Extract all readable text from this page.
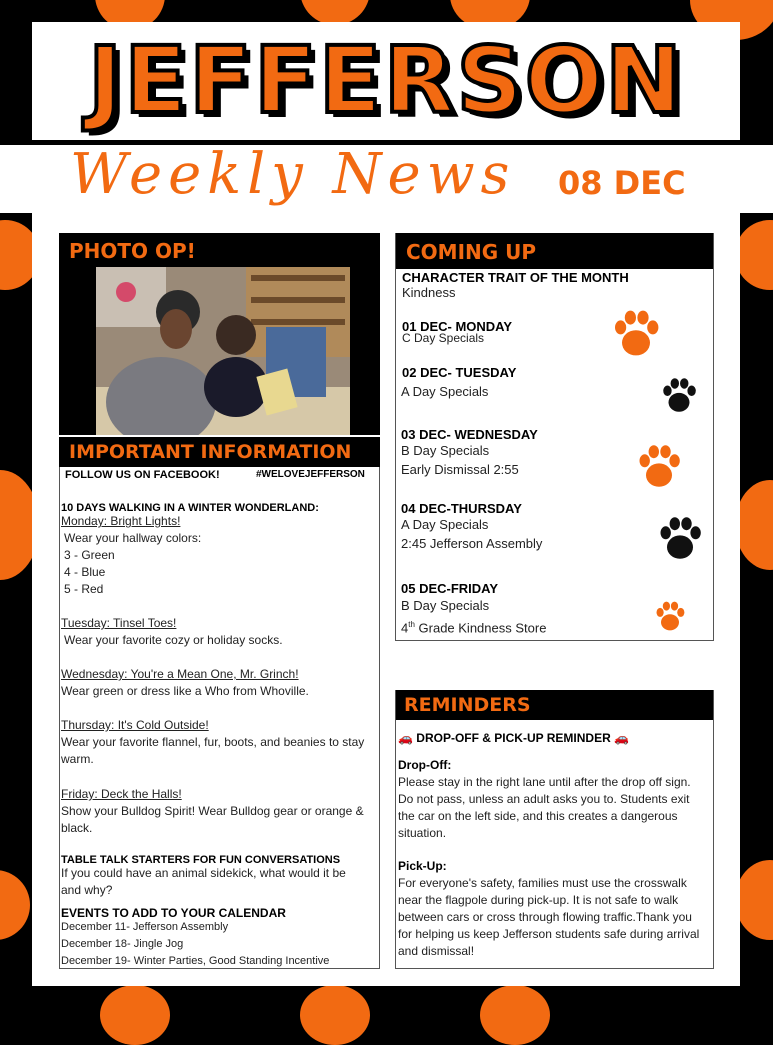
JEFFERSON
Weekly News 08 DEC
PHOTO OP!
IMPORTANT INFORMATION
FOLLOW US ON FACEBOOK!	#WELOVEJEFFERSON
10 DAYS WALKING IN A WINTER WONDERLAND:
Monday: Bright Lights!
Wear your hallway colors:
3 - Green
4 - Blue
5 - Red
Tuesday: Tinsel Toes!
Wear your favorite cozy or holiday socks.
Wednesday: You're a Mean One, Mr. Grinch!
Wear green or dress like a Who from Whoville.
Thursday: It's Cold Outside!
Wear your favorite flannel, fur, boots, and beanies to stay warm.
Friday: Deck the Halls!
Show your Bulldog Spirit! Wear Bulldog gear or orange & black.
TABLE TALK STARTERS FOR FUN CONVERSATIONS
If you could have an animal sidekick, what would it be and why?
EVENTS TO ADD TO YOUR CALENDAR
December 11- Jefferson Assembly
December 18- Jingle Jog
December 19- Winter Parties, Good Standing Incentive
COMING UP
CHARACTER TRAIT OF THE MONTH
Kindness
01 DEC- MONDAY
C Day Specials
02 DEC- TUESDAY
A Day Specials
03 DEC- WEDNESDAY
B Day Specials
Early Dismissal 2:55
04 DEC-THURSDAY
A Day Specials
2:45 Jefferson Assembly
05 DEC-FRIDAY
B Day Specials
4th Grade Kindness Store
REMINDERS
🚗 DROP-OFF & PICK-UP REMINDER 🚗
Drop-Off:
Please stay in the right lane until after the drop off sign. Do not pass, unless an adult asks you to. Students exit the car on the left side, and this creates a dangerous situation.
Pick-Up:
For everyone's safety, families must use the crosswalk near the flagpole during pick-up. It is not safe to walk between cars or cross through flowing traffic.Thank you for helping us keep Jefferson students safe during arrival and dismissal!
